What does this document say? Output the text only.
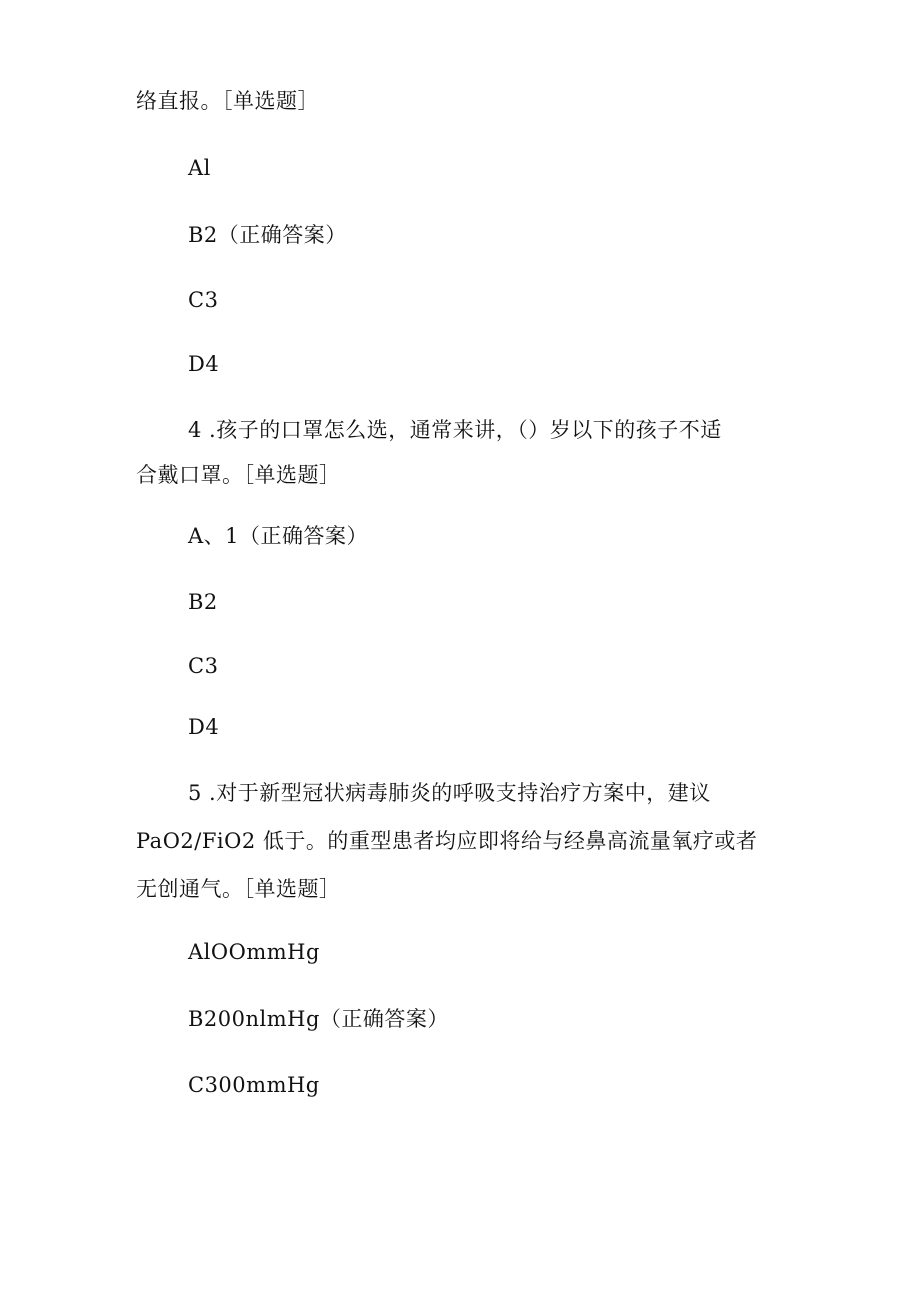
络直报。［单选题］
Al
B2（正确答案）
C3
D4
4 .孩子的口罩怎么选，通常来讲，（）岁以下的孩子不适
合戴口罩。［单选题］
A、1（正确答案）
B2
C3
D4
5 .对于新型冠状病毒肺炎的呼吸支持治疗方案中，建议
PaO2/FiO2 低于。的重型患者均应即将给与经鼻高流量氧疗或者
无创通气。［单选题］
AlOOmmHg
B200nlmHg（正确答案）
C300mmHg
